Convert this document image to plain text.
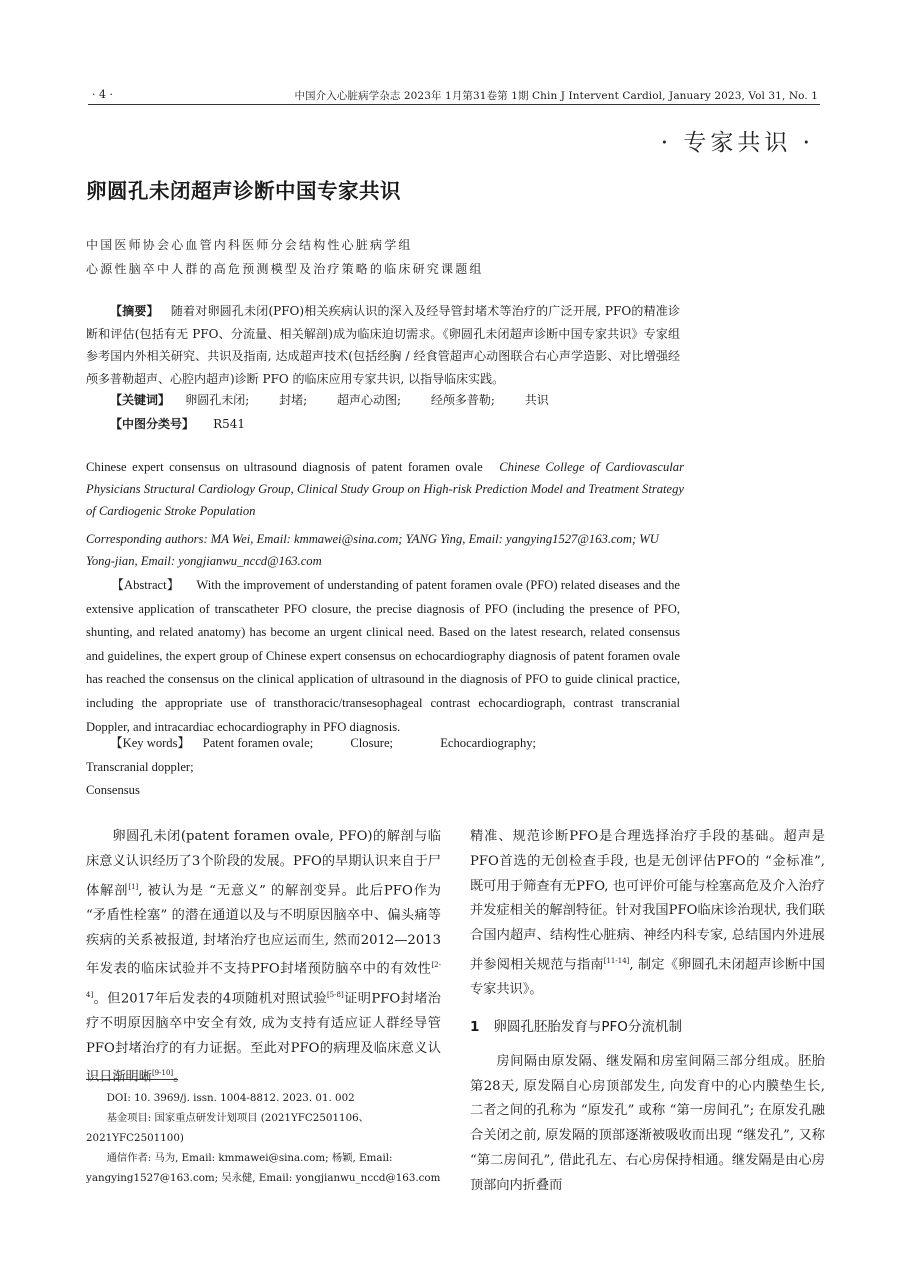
· 4 ·	中国介入心脏病学杂志 2023年 1月第31卷第 1期 Chin J Intervent Cardiol, January 2023, Vol 31, No. 1
· 专家共识 ·
卵圆孔未闭超声诊断中国专家共识
中国医师协会心血管内科医师分会结构性心脏病学组
心源性脑卒中人群的高危预测模型及治疗策略的临床研究课题组
【摘要】 随着对卵圆孔未闭(PFO)相关疾病认识的深入及经导管封堵术等治疗的广泛开展, PFO的精准诊断和评估(包括有无 PFO、分流量、相关解剖)成为临床迫切需求。《卵圆孔未闭超声诊断中国专家共识》专家组参考国内外相关研究、共识及指南, 达成超声技术(包括经胸 / 经食管超声心动图联合右心声学造影、对比增强经颅多普勒超声、心腔内超声)诊断 PFO 的临床应用专家共识, 以指导临床实践。
【关键词】 卵圆孔未闭; 封堵; 超声心动图; 经颅多普勒; 共识
【中图分类号】 R541
Chinese expert consensus on ultrasound diagnosis of patent foramen ovale Chinese College of Cardiovascular Physicians Structural Cardiology Group, Clinical Study Group on High-risk Prediction Model and Treatment Strategy of Cardiogenic Stroke Population
Corresponding authors: MA Wei, Email: kmmawei@sina.com; YANG Ying, Email: yangying1527@163.com; WU Yong-jian, Email: yongjianwu_nccd@163.com
【Abstract】 With the improvement of understanding of patent foramen ovale (PFO) related diseases and the extensive application of transcatheter PFO closure, the precise diagnosis of PFO (including the presence of PFO, shunting, and related anatomy) has become an urgent clinical need. Based on the latest research, related consensus and guidelines, the expert group of Chinese expert consensus on echocardiography diagnosis of patent foramen ovale has reached the consensus on the clinical application of ultrasound in the diagnosis of PFO to guide clinical practice, including the appropriate use of transthoracic/transesophageal contrast echocardiograph, contrast transcranial Doppler, and intracardiac echocardiography in PFO diagnosis.
【Key words】 Patent foramen ovale;	Closure;	Echocardiography; Transcranial doppler;
Consensus

卵圆孔未闭(patent foramen ovale, PFO)的解剖与临床意义认识经历了3个阶段的发展。PFO的早期认识来自于尸体解剖[1], 被认为是 “无意义” 的解剖变异。此后PFO作为 “矛盾性栓塞” 的潜在通道以及与不明原因脑卒中、偏头痛等疾病的关系被报道, 封堵治疗也应运而生, 然而2012—2013年发表的临床试验并不支持PFO封堵预防脑卒中的有效性[2-4]。但2017年后发表的4项随机对照试验[5-8]证明PFO封堵治疗不明原因脑卒中安全有效, 成为支持有适应证人群经导管PFO封堵治疗的有力证据。至此对PFO的病理及临床意义认识日渐明晰[9-10]。

精准、规范诊断PFO是合理选择治疗手段的基础。超声是PFO首选的无创检查手段, 也是无创评估PFO的 “金标准”, 既可用于筛查有无PFO, 也可评价可能与栓塞高危及介入治疗并发症相关的解剖特征。针对我国PFO临床诊治现状, 我们联合国内超声、结构性心脏病、神经内科专家, 总结国内外进展并参阅相关规范与指南[11-14], 制定《卵圆孔未闭超声诊断中国专家共识》。

1 卵圆孔胚胎发育与PFO分流机制

房间隔由原发隔、继发隔和房室间隔三部分组成。胚胎第28天, 原发隔自心房顶部发生, 向发育中的心内膜垫生长, 二者之间的孔称为 “原发孔” 或称 “第一房间孔”; 在原发孔融合关闭之前, 原发隔的顶部逐渐被吸收而出现 “继发孔”, 又称 “第二房间孔”, 借此孔左、右心房保持相通。继发隔是由心房顶部向内折叠而

DOI: 10. 3969/j. issn. 1004-8812. 2023. 01. 002
基金项目: 国家重点研发计划项目 (2021YFC2501106、2021YFC2501100)
通信作者: 马为, Email: kmmawei@sina.com; 杨颖, Email: yangying1527@163.com; 吴永健, Email: yongjianwu_nccd@163.com
